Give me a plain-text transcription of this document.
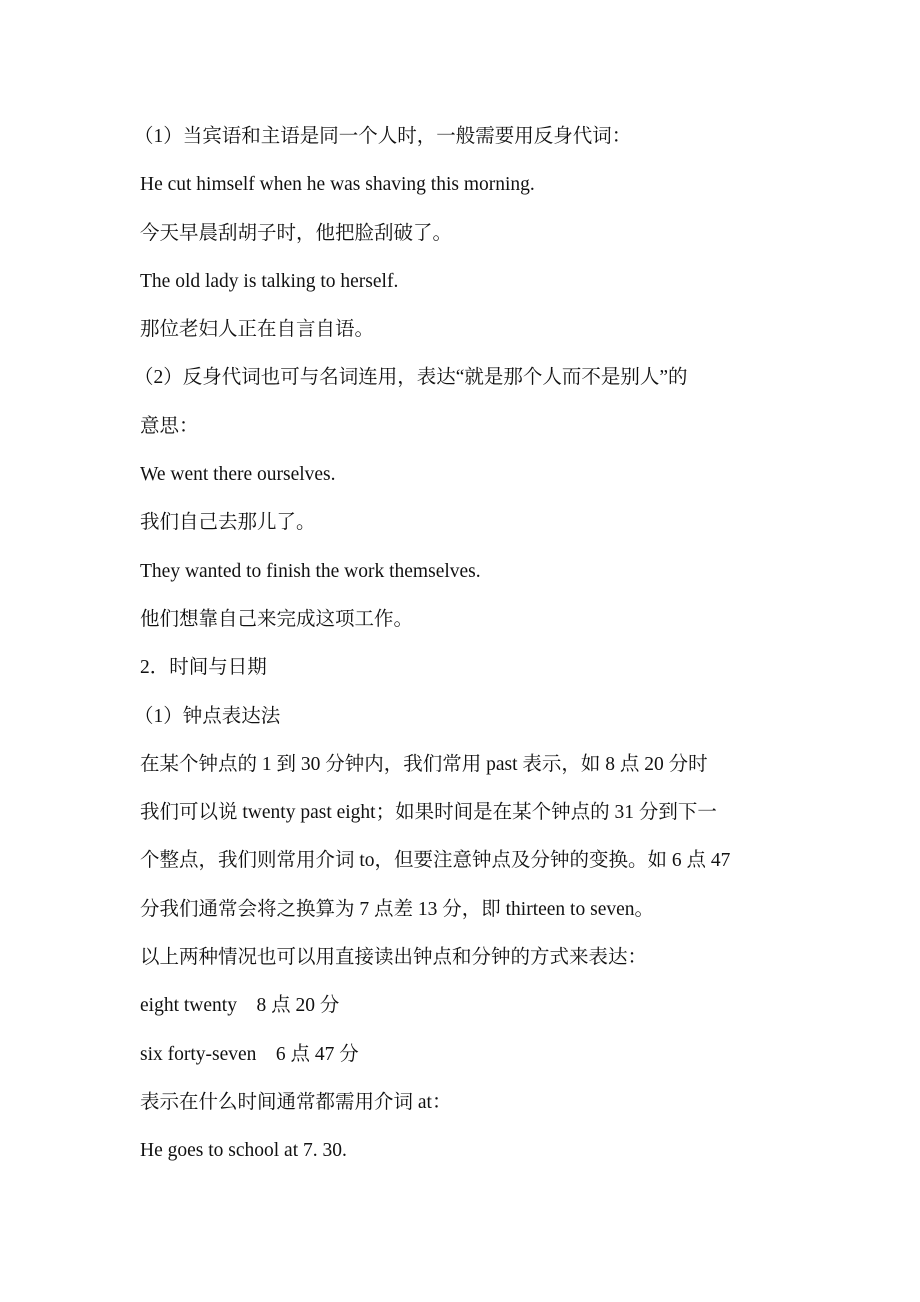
（1）当宾语和主语是同一个人时，一般需要用反身代词：
He cut himself when he was shaving this morning.
今天早晨刮胡子时，他把脸刮破了。
The old lady is talking to herself.
那位老妇人正在自言自语。
（2）反身代词也可与名词连用，表达“就是那个人而不是别人”的
意思：
We went there ourselves.
我们自己去那儿了。
They wanted to finish the work themselves.
他们想靠自己来完成这项工作。
2．时间与日期
（1）钟点表达法
在某个钟点的 1 到 30 分钟内，我们常用 past 表示，如 8 点 20 分时
我们可以说 twenty past eight；如果时间是在某个钟点的 31 分到下一
个整点，我们则常用介词 to，但要注意钟点及分钟的变换。如 6 点 47
分我们通常会将之换算为 7 点差 13 分，即 thirteen to seven。
以上两种情况也可以用直接读出钟点和分钟的方式来表达：
eight twenty    8 点 20 分
six forty-seven    6 点 47 分
表示在什么时间通常都需用介词 at：
He goes to school at 7. 30.
